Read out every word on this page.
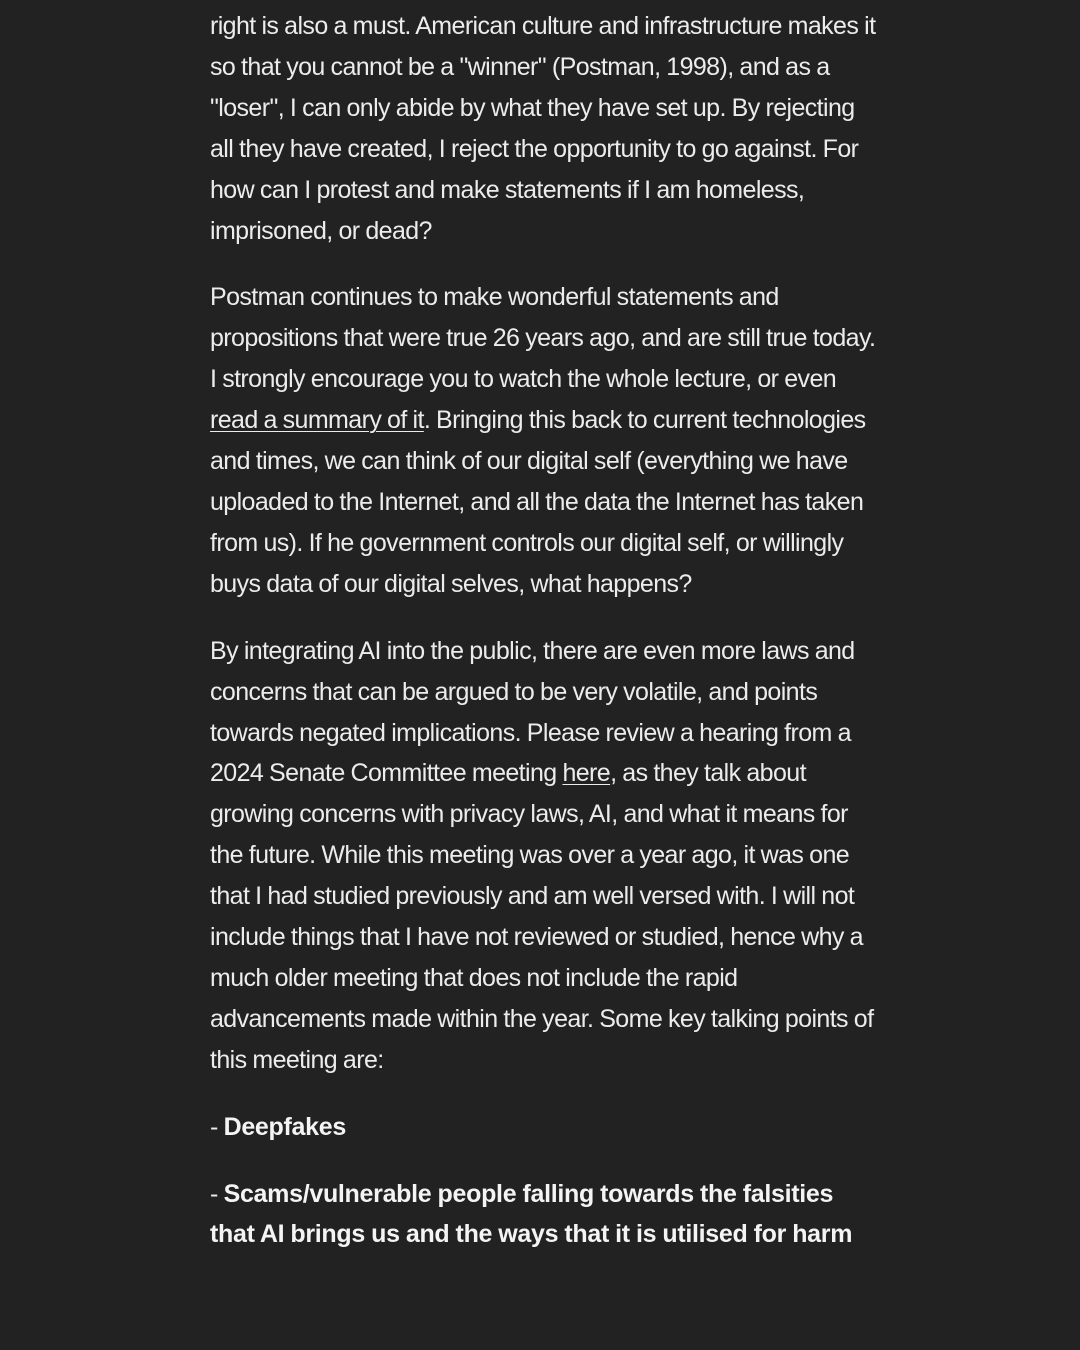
right is also a must. American culture and infrastructure makes it so that you cannot be a "winner" (Postman, 1998), and as a "loser", I can only abide by what they have set up. By rejecting all they have created, I reject the opportunity to go against. For how can I protest and make statements if I am homeless, imprisoned, or dead?

Postman continues to make wonderful statements and propositions that were true 26 years ago, and are still true today. I strongly encourage you to watch the whole lecture, or even read a summary of it. Bringing this back to current technologies and times, we can think of our digital self (everything we have uploaded to the Internet, and all the data the Internet has taken from us). If he government controls our digital self, or willingly buys data of our digital selves, what happens?

By integrating AI into the public, there are even more laws and concerns that can be argued to be very volatile, and points towards negated implications. Please review a hearing from a 2024 Senate Committee meeting here, as they talk about growing concerns with privacy laws, AI, and what it means for the future. While this meeting was over a year ago, it was one that I had studied previously and am well versed with. I will not include things that I have not reviewed or studied, hence why a much older meeting that does not include the rapid advancements made within the year. Some key talking points of this meeting are:

- Deepfakes

- Scams/vulnerable people falling towards the falsities that AI brings us and the ways that it is utilised for harm
